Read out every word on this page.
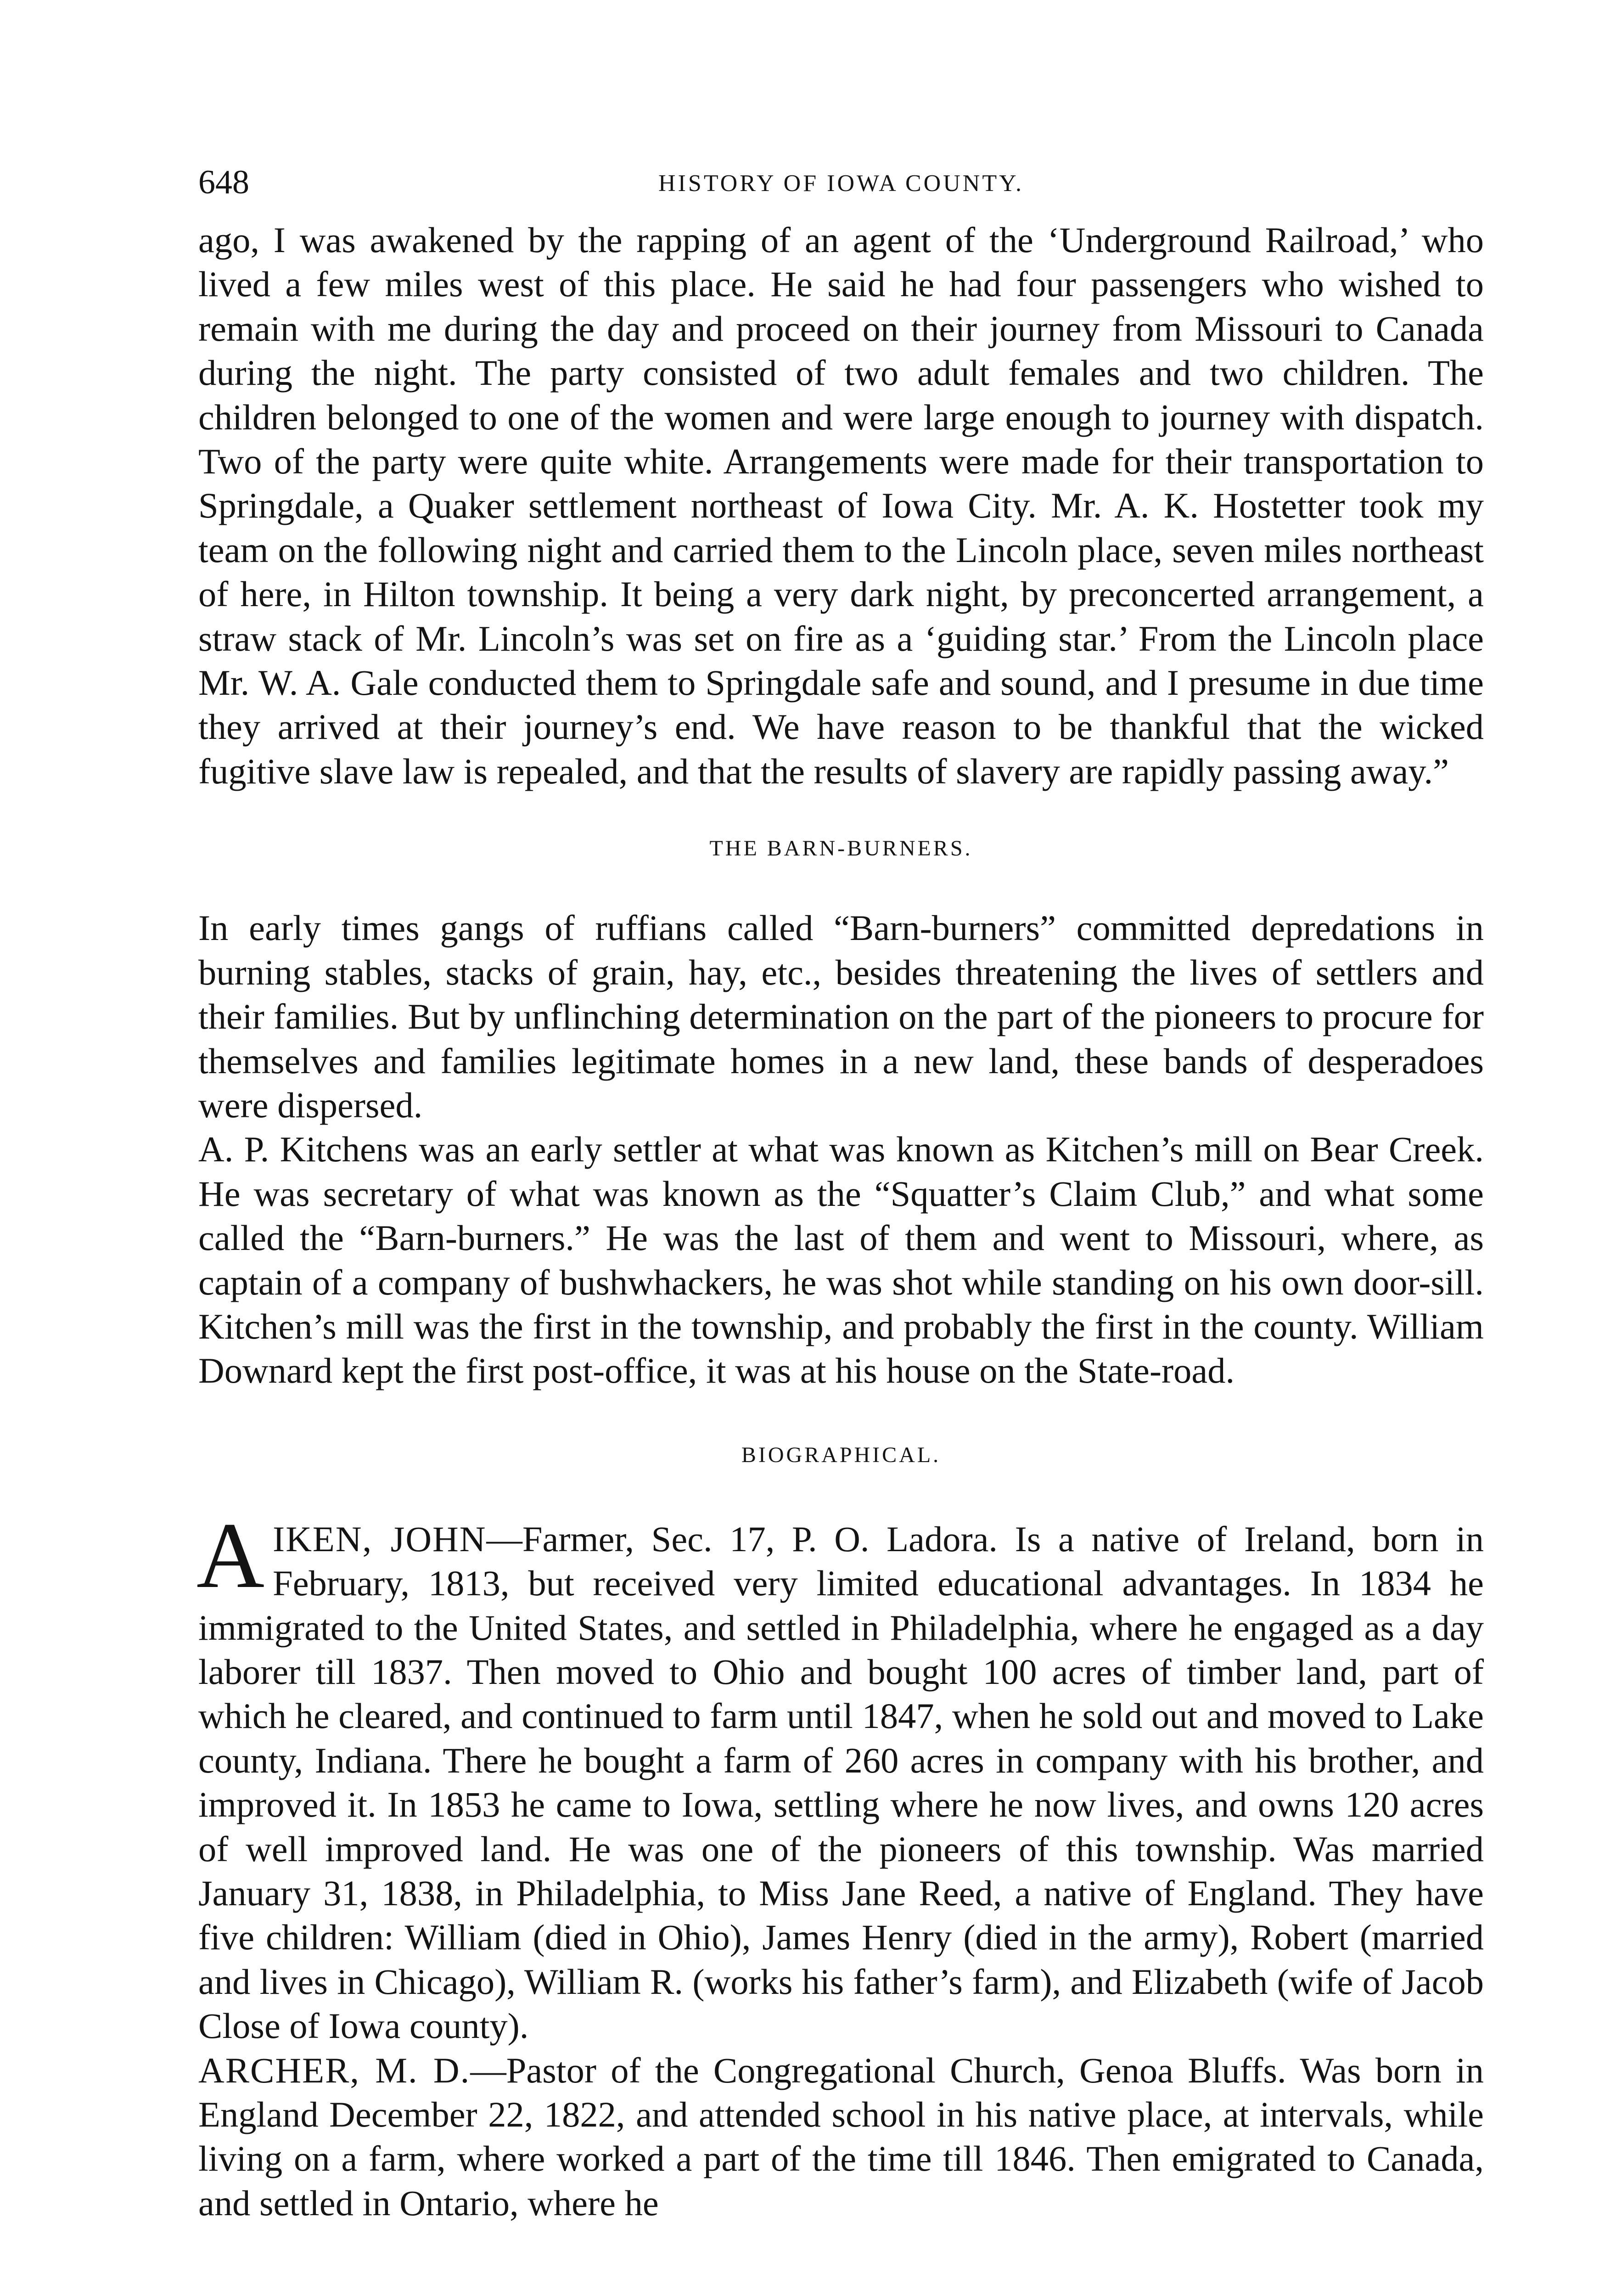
648	HISTORY OF IOWA COUNTY.

ago, I was awakened by the rapping of an agent of the ‘Underground Railroad,’ who lived a few miles west of this place. He said he had four passengers who wished to remain with me during the day and proceed on their journey from Missouri to Canada during the night. The party consisted of two adult females and two children. The children belonged to one of the women and were large enough to journey with dispatch. Two of the party were quite white. Arrangements were made for their transportation to Springdale, a Quaker settlement northeast of Iowa City. Mr. A. K. Hostetter took my team on the following night and carried them to the Lincoln place, seven miles northeast of here, in Hilton township. It being a very dark night, by preconcerted arrangement, a straw stack of Mr. Lincoln’s was set on fire as a ‘guiding star.’ From the Lincoln place Mr. W. A. Gale conducted them to Springdale safe and sound, and I presume in due time they arrived at their journey’s end. We have reason to be thankful that the wicked fugitive slave law is repealed, and that the results of slavery are rapidly passing away.”

THE BARN-BURNERS.

In early times gangs of ruffians called “Barn-burners” committed depredations in burning stables, stacks of grain, hay, etc., besides threatening the lives of settlers and their families. But by unflinching determination on the part of the pioneers to procure for themselves and families legitimate homes in a new land, these bands of desperadoes were dispersed.

A. P. Kitchens was an early settler at what was known as Kitchen’s mill on Bear Creek. He was secretary of what was known as the “Squatter’s Claim Club,” and what some called the “Barn-burners.” He was the last of them and went to Missouri, where, as captain of a company of bushwhackers, he was shot while standing on his own door-sill. Kitchen’s mill was the first in the township, and probably the first in the county. William Downard kept the first post-office, it was at his house on the State-road.

BIOGRAPHICAL.

AIKEN, JOHN—Farmer, Sec. 17, P. O. Ladora. Is a native of Ireland, born in February, 1813, but received very limited educational advantages. In 1834 he immigrated to the United States, and settled in Philadelphia, where he engaged as a day laborer till 1837. Then moved to Ohio and bought 100 acres of timber land, part of which he cleared, and continued to farm until 1847, when he sold out and moved to Lake county, Indiana. There he bought a farm of 260 acres in company with his brother, and improved it. In 1853 he came to Iowa, settling where he now lives, and owns 120 acres of well improved land. He was one of the pioneers of this township. Was married January 31, 1838, in Philadelphia, to Miss Jane Reed, a native of England. They have five children: William (died in Ohio), James Henry (died in the army), Robert (married and lives in Chicago), William R. (works his father’s farm), and Elizabeth (wife of Jacob Close of Iowa county).

ARCHER, M. D.—Pastor of the Congregational Church, Genoa Bluffs. Was born in England December 22, 1822, and attended school in his native place, at intervals, while living on a farm, where worked a part of the time till 1846. Then emigrated to Canada, and settled in Ontario, where he
